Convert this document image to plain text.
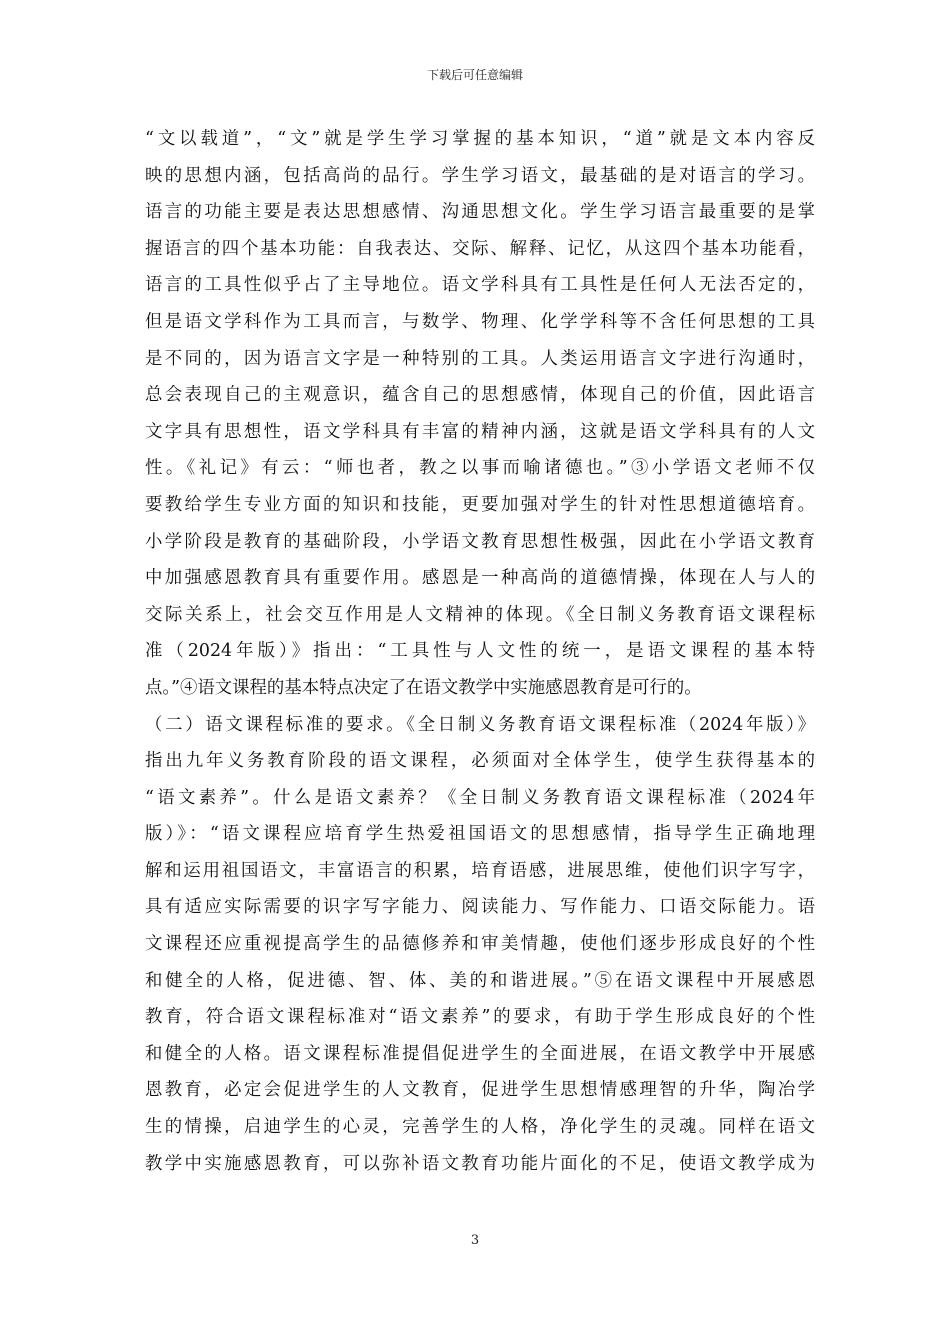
下载后可任意编辑
“文以载道”，“文”就是学生学习掌握的基本知识，“道”就是文本内容反
映的思想内涵，包括高尚的品行。学生学习语文，最基础的是对语言的学习。
语言的功能主要是表达思想感情、沟通思想文化。学生学习语言最重要的是掌
握语言的四个基本功能：自我表达、交际、解释、记忆，从这四个基本功能看，
语言的工具性似乎占了主导地位。语文学科具有工具性是任何人无法否定的，
但是语文学科作为工具而言，与数学、物理、化学学科等不含任何思想的工具
是不同的，因为语言文字是一种特别的工具。人类运用语言文字进行沟通时，
总会表现自己的主观意识，蕴含自己的思想感情，体现自己的价值，因此语言
文字具有思想性，语文学科具有丰富的精神内涵，这就是语文学科具有的人文
性。《礼记》有云：“师也者，教之以事而喻诸德也。”③小学语文老师不仅
要教给学生专业方面的知识和技能，更要加强对学生的针对性思想道德培育。
小学阶段是教育的基础阶段，小学语文教育思想性极强，因此在小学语文教育
中加强感恩教育具有重要作用。感恩是一种高尚的道德情操，体现在人与人的
交际关系上，社会交互作用是人文精神的体现。《全日制义务教育语文课程标
准（2024年版）》指出：“工具性与人文性的统一，是语文课程的基本特
点。”④语文课程的基本特点决定了在语文教学中实施感恩教育是可行的。
（二）语文课程标准的要求。《全日制义务教育语文课程标准（2024年版）》
指出九年义务教育阶段的语文课程，必须面对全体学生，使学生获得基本的
“语文素养”。什么是语文素养？《全日制义务教育语文课程标准（2024年
版）》：“语文课程应培育学生热爱祖国语文的思想感情，指导学生正确地理
解和运用祖国语文，丰富语言的积累，培育语感，进展思维，使他们识字写字，
具有适应实际需要的识字写字能力、阅读能力、写作能力、口语交际能力。语
文课程还应重视提高学生的品德修养和审美情趣，使他们逐步形成良好的个性
和健全的人格，促进德、智、体、美的和谐进展。”⑤在语文课程中开展感恩
教育，符合语文课程标准对“语文素养”的要求，有助于学生形成良好的个性
和健全的人格。语文课程标准提倡促进学生的全面进展，在语文教学中开展感
恩教育，必定会促进学生的人文教育，促进学生思想情感理智的升华，陶冶学
生的情操，启迪学生的心灵，完善学生的人格，净化学生的灵魂。同样在语文
教学中实施感恩教育，可以弥补语文教育功能片面化的不足，使语文教学成为
3
